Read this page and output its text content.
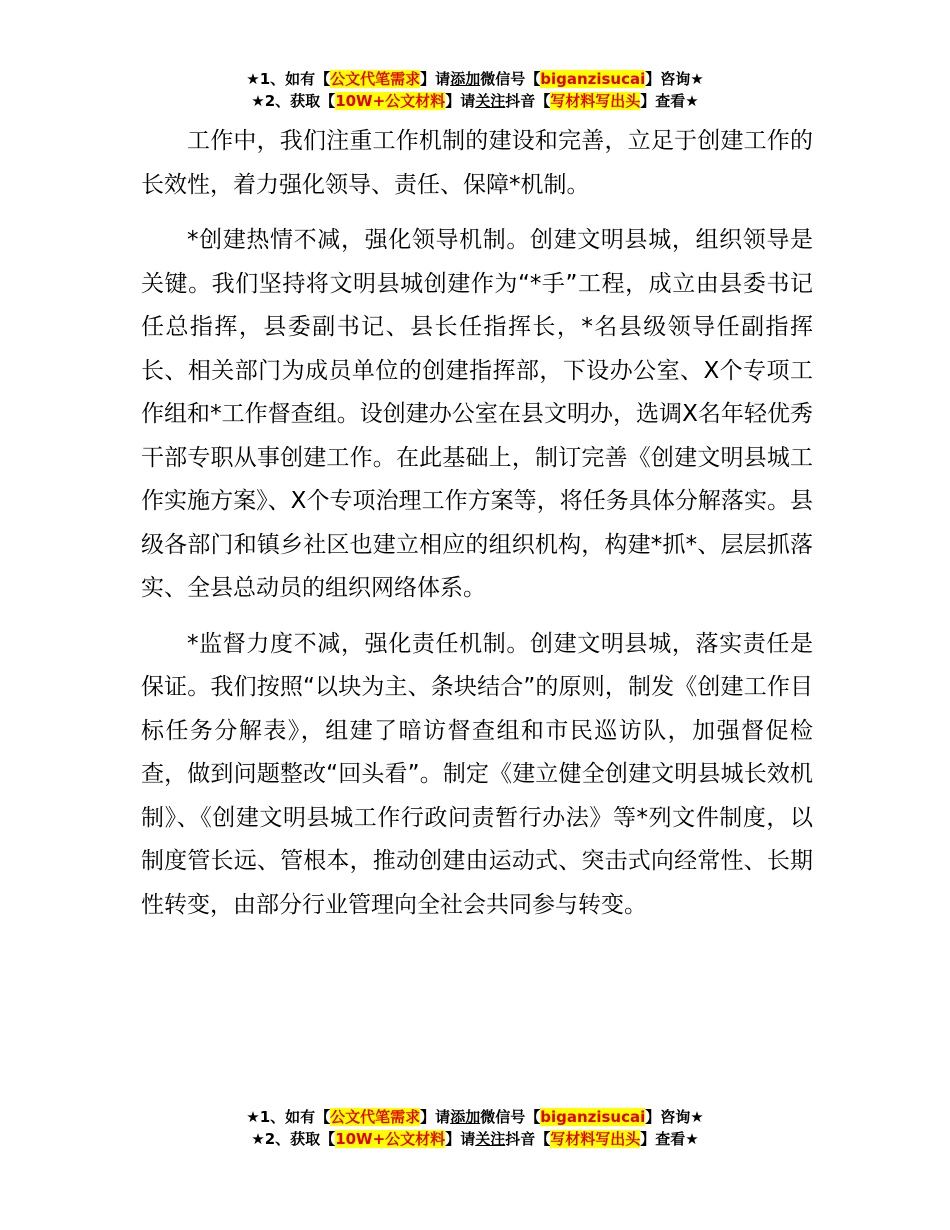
★1、如有【公文代笔需求】请添加微信号【biganzisucai】咨询★
★2、获取【10W+公文材料】请关注抖音【写材料写出头】查看★

工作中，我们注重工作机制的建设和完善，立足于创建工作的长效性，着力强化领导、责任、保障*机制。

*创建热情不减，强化领导机制。创建文明县城，组织领导是关键。我们坚持将文明县城创建作为“*手”工程，成立由县委书记任总指挥，县委副书记、县长任指挥长，*名县级领导任副指挥长、相关部门为成员单位的创建指挥部，下设办公室、X个专项工作组和*工作督查组。设创建办公室在县文明办，选调X名年轻优秀干部专职从事创建工作。在此基础上，制订完善《创建文明县城工作实施方案》、X个专项治理工作方案等，将任务具体分解落实。县级各部门和镇乡社区也建立相应的组织机构，构建*抓*、层层抓落实、全县总动员的组织网络体系。

*监督力度不减，强化责任机制。创建文明县城，落实责任是保证。我们按照“以块为主、条块结合”的原则，制发《创建工作目标任务分解表》，组建了暗访督查组和市民巡访队，加强督促检查，做到问题整改“回头看”。制定《建立健全创建文明县城长效机制》、《创建文明县城工作行政问责暂行办法》等*列文件制度，以制度管长远、管根本，推动创建由运动式、突击式向经常性、长期性转变，由部分行业管理向全社会共同参与转变。

★1、如有【公文代笔需求】请添加微信号【biganzisucai】咨询★
★2、获取【10W+公文材料】请关注抖音【写材料写出头】查看★
